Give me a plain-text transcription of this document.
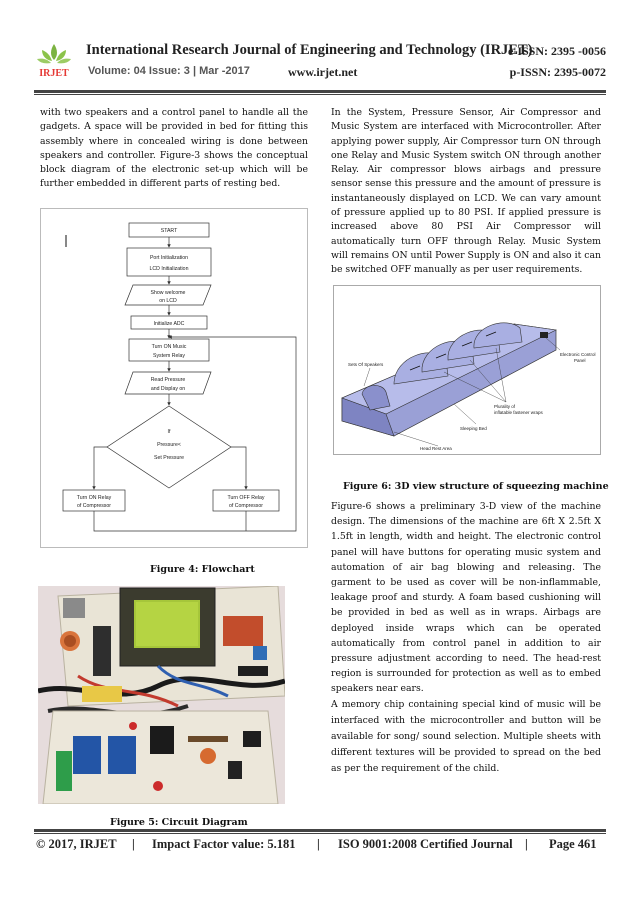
IRJET
International Research Journal of Engineering and Technology (IRJET)
e-ISSN: 2395 -0056
Volume: 04 Issue: 3 | Mar -2017	www.irjet.net	p-ISSN: 2395-0072

with two speakers and a control panel to handle all the gadgets. A space will be provided in bed for fitting this assembly where in concealed wiring is done between speakers and controller. Figure-3 shows the conceptual block diagram of the electronic set-up which will be further embedded in different parts of resting bed.

START
Port Initialization
LCD Initialization
Show welcome
on LCD
Initialize ADC
Turn ON Music
System Relay
Read Pressure
and Display on
If
Pressure<
Set Pressure
Turn ON Relay
of Compressor
Turn OFF Relay
of Compressor
Figure 4: Flowchart
Figure 5: Circuit Diagram

In the System, Pressure Sensor, Air Compressor and Music System are interfaced with Microcontroller. After applying power supply, Air Compressor turn ON through one Relay and Music System switch ON through another Relay. Air compressor blows airbags and pressure sensor sense this pressure and the amount of pressure is instantaneously displayed on LCD. We can vary amount of pressure applied up to 80 PSI. If applied pressure is increased above 80 PSI Air Compressor will automatically turn OFF through Relay. Music System will remains ON until Power Supply is ON and also it can be switched OFF manually as per user requirements.

Sets Of Speakers
Electronic Control
Panel
Plurality of
inflatable fastener wraps
Sleeping Bed
Head Rest Area
Figure 6: 3D view structure of squeezing machine

Figure-6 shows a preliminary 3-D view of the machine design. The dimensions of the machine are 6ft X 2.5ft X 1.5ft in length, width and height. The electronic control panel will have buttons for operating music system and automation of air bag blowing and releasing. The garment to be used as cover will be non-inflammable, leakage proof and sturdy. A foam based cushioning will be provided in bed as well as in wraps. Airbags are deployed inside wraps which can be operated automatically from control panel in addition to air pressure adjustment according to need. The head-rest region is surrounded for protection as well as to embed speakers near ears.

A memory chip containing special kind of music will be interfaced with the microcontroller and button will be available for song/ sound selection. Multiple sheets with different textures will be provided to spread on the bed as per the requirement of the child.

© 2017, IRJET | Impact Factor value: 5.181 | ISO 9001:2008 Certified Journal | Page 461
